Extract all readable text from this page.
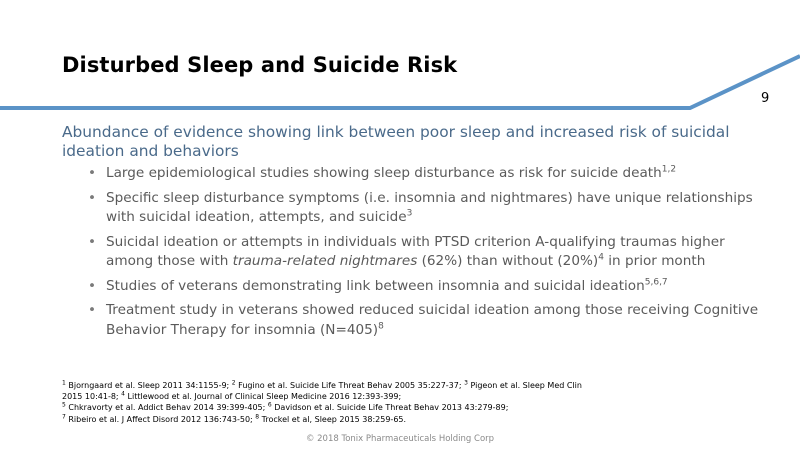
Disturbed Sleep and Suicide Risk
9
Abundance of evidence showing link between poor sleep and increased risk of suicidal ideation and behaviors
• Large epidemiological studies showing sleep disturbance as risk for suicide death$^{1,2}$
• Specific sleep disturbance symptoms (i.e. insomnia and nightmares) have unique relationships with suicidal ideation, attempts, and suicide$^3$
• Suicidal ideation or attempts in individuals with PTSD criterion A-qualifying traumas higher among those with trauma-related nightmares (62%) than without $(20\%)^4$ in prior month
• Studies of veterans demonstrating link between insomnia and suicidal ideation$^{5,6,7}$
• Treatment study in veterans showed reduced suicidal ideation among those receiving Cognitive Behavior Therapy for insomnia (N=405)$^8$
$^1$ Bjorngaard et al. Sleep 2011 34:1155-9; $^2$ Fugino et al. Suicide Life Threat Behav 2005 35:227-37; $^3$ Pigeon et al. Sleep Med Clin 2015 10:41-8; $^4$ Littlewood et al. Journal of Clinical Sleep Medicine 2016 12:393-399;
$^5$ Chkravorty et al. Addict Behav 2014 39:399-405; $^6$ Davidson et al. Suicide Life Threat Behav 2013 43:279-89;
$^7$ Ribeiro et al. J Affect Disord 2012 136:743-50; $^8$ Trockel et al, Sleep 2015 38:259-65.
© 2018 Tonix Pharmaceuticals Holding Corp
